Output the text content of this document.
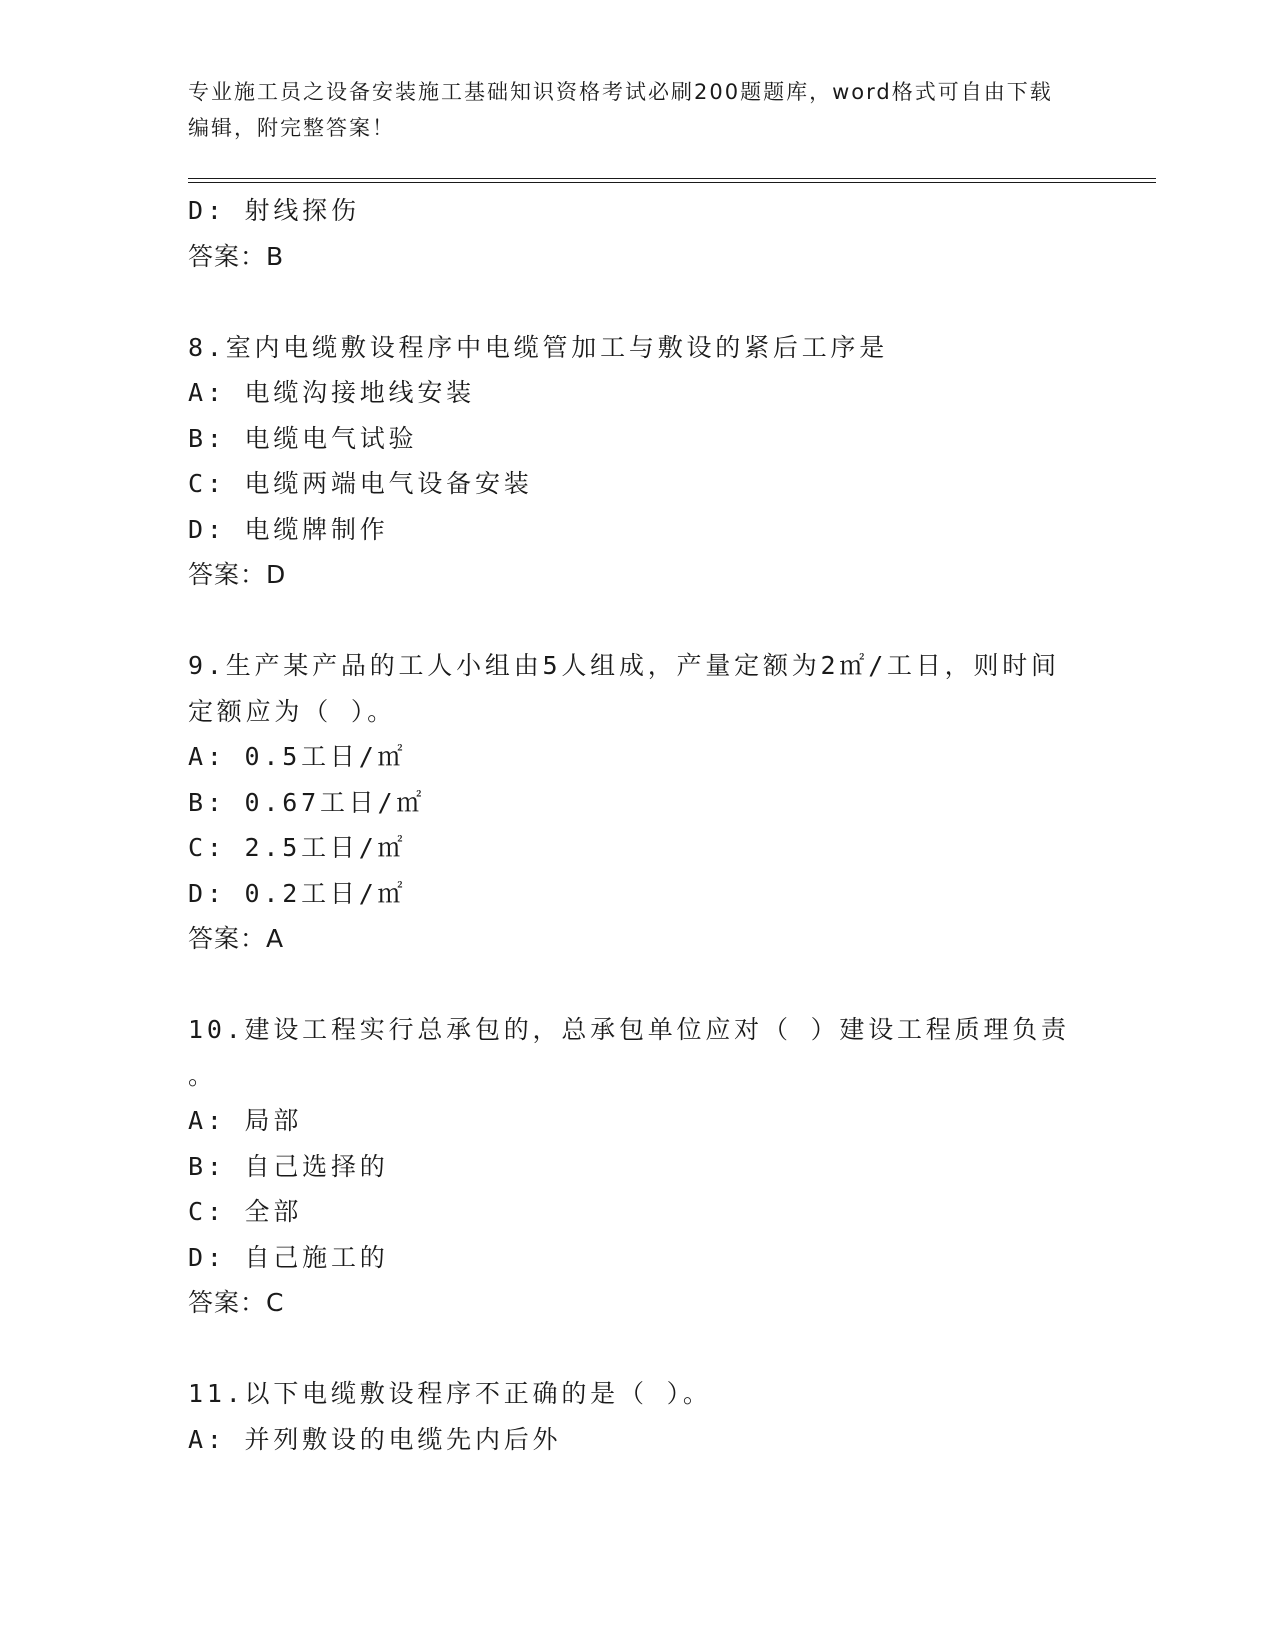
专业施工员之设备安装施工基础知识资格考试必刷200题题库，word格式可自由下载编辑，附完整答案！
D: 射线探伤
答案：B
8.室内电缆敷设程序中电缆管加工与敷设的紧后工序是
A: 电缆沟接地线安装
B: 电缆电气试验
C: 电缆两端电气设备安装
D: 电缆牌制作
答案：D
9.生产某产品的工人小组由5人组成，产量定额为2㎡/工日，则时间
定额应为（ ）。
A: 0.5工日/㎡
B: 0.67工日/㎡
C: 2.5工日/㎡
D: 0.2工日/㎡
答案：A
10.建设工程实行总承包的，总承包单位应对（ ）建设工程质理负责
。
A: 局部
B: 自己选择的
C: 全部
D: 自己施工的
答案：C
11.以下电缆敷设程序不正确的是（ ）。
A: 并列敷设的电缆先内后外
